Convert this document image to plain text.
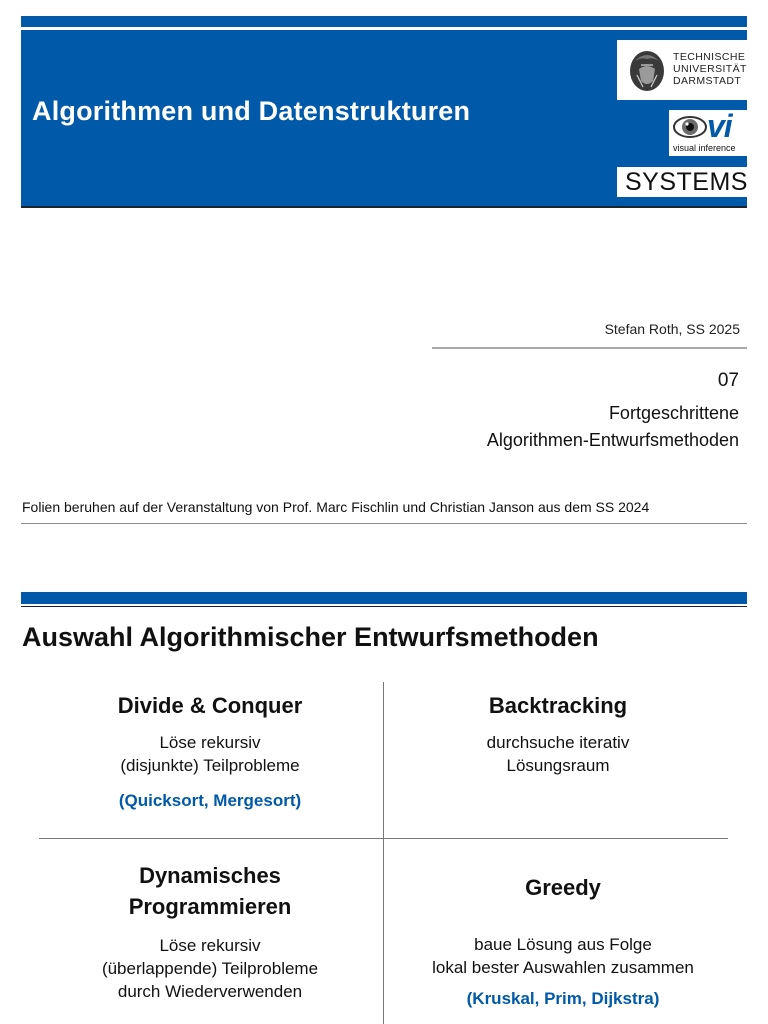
Algorithmen und Datenstrukturen
TECHNISCHE
UNIVERSITÄT
DARMSTADT
vi
visual inference
SYSTEMS
Stefan Roth, SS 2025
07
Fortgeschrittene
Algorithmen-Entwurfsmethoden
Folien beruhen auf der Veranstaltung von Prof. Marc Fischlin und Christian Janson aus dem SS 2024
Auswahl Algorithmischer Entwurfsmethoden
Divide & Conquer
Löse rekursiv
(disjunkte) Teilprobleme
(Quicksort, Mergesort)
Backtracking
durchsuche iterativ
Lösungsraum
Dynamisches
Programmieren
Löse rekursiv
(überlappende) Teilprobleme
durch Wiederverwenden
Greedy
baue Lösung aus Folge
lokal bester Auswahlen zusammen
(Kruskal, Prim, Dijkstra)
